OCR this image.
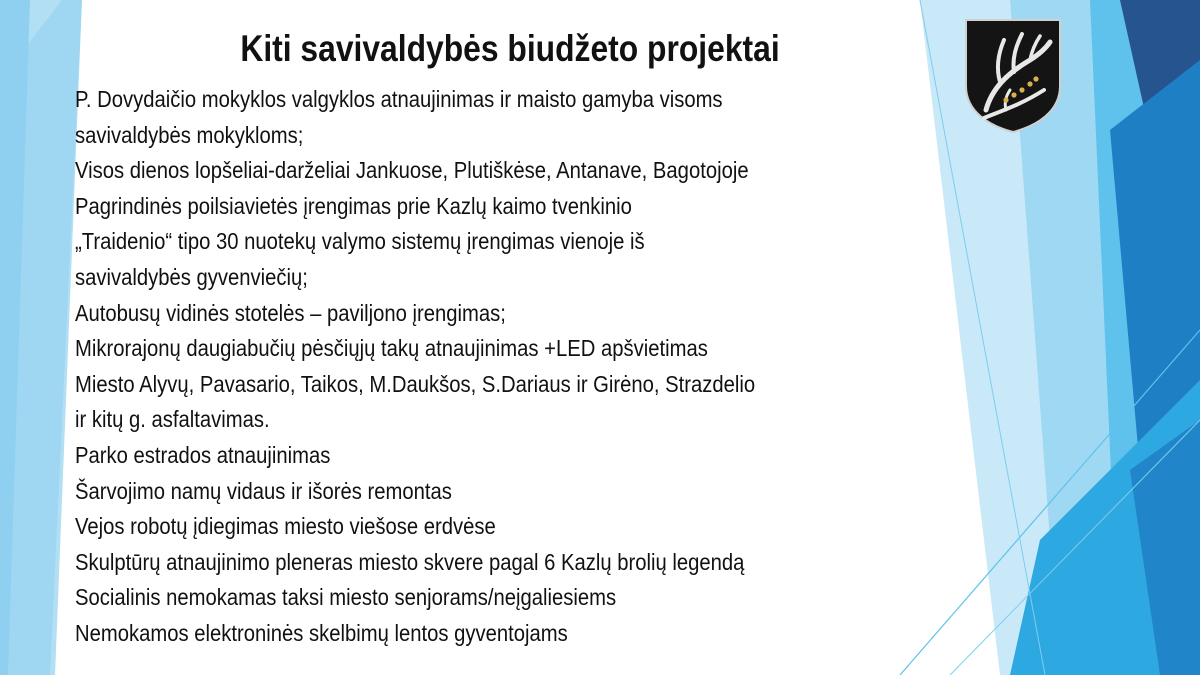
Kiti savivaldybės biudžeto projektai
P. Dovydaičio mokyklos valgyklos atnaujinimas ir maisto gamyba visoms
savivaldybės mokykloms;
Visos dienos lopšeliai-darželiai Jankuose, Plutiškėse, Antanave, Bagotojoje
Pagrindinės poilsiavietės įrengimas prie Kazlų kaimo tvenkinio
„Traidenio“ tipo 30 nuotekų valymo sistemų įrengimas vienoje iš
savivaldybės gyvenviečių;
Autobusų vidinės stotelės – paviljono įrengimas;
Mikrorajonų daugiabučių pėsčiųjų takų atnaujinimas +LED apšvietimas
Miesto Alyvų, Pavasario, Taikos, M.Daukšos, S.Dariaus ir Girėno, Strazdelio
ir kitų g. asfaltavimas.
Parko estrados atnaujinimas
Šarvojimo namų vidaus ir išorės remontas
Vejos robotų įdiegimas miesto viešose erdvėse
Skulptūrų atnaujinimo pleneras miesto skvere pagal 6 Kazlų brolių legendą
Socialinis nemokamas taksi miesto senjorams/neįgaliesiems
Nemokamos elektroninės skelbimų lentos gyventojams
